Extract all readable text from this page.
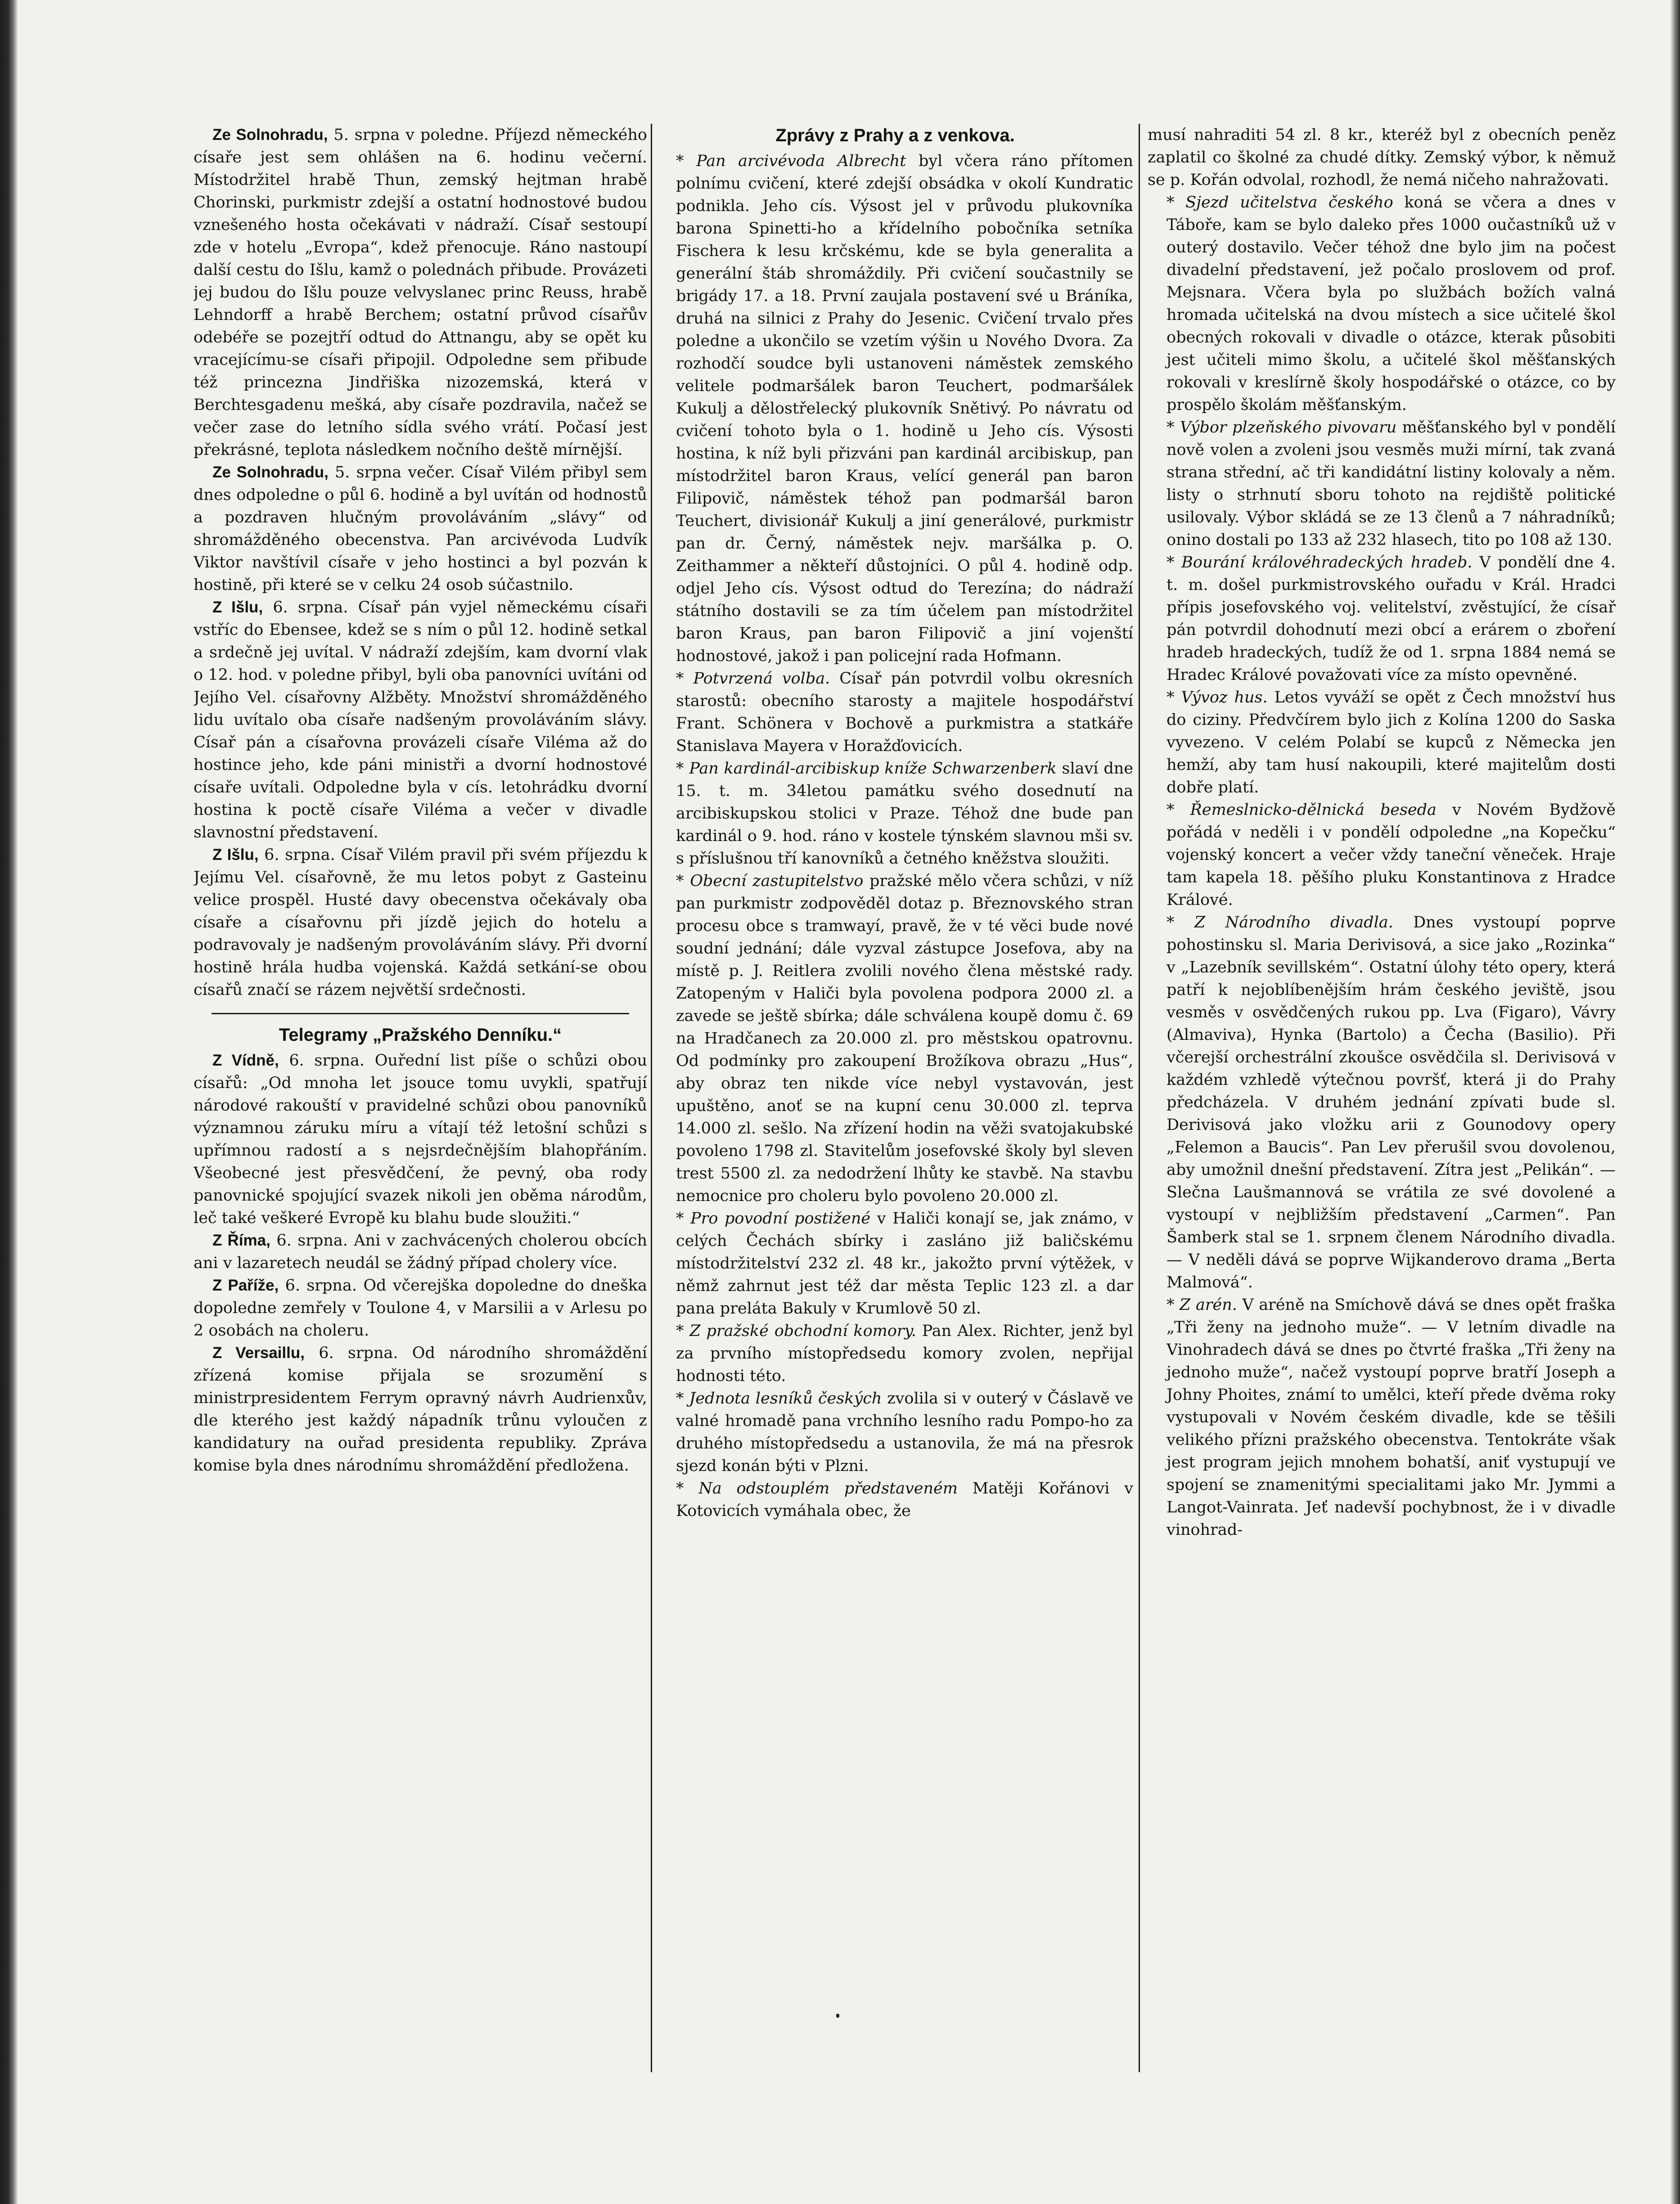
Ze Solnohradu, 5. srpna v poledne. Příjezd německého císaře jest sem ohlášen na 6. hodinu večerní. Místodržitel hrabě Thun, zemský hejtman hrabě Chorinski, purkmistr zdejší a ostatní hodnostové budou vznešeného hosta očekávati v nádraží. Císař sestoupí zde v hotelu „Evropa“, kdež přenocuje. Ráno nastoupí další cestu do Išlu, kamž o polednách přibude. Provázeti jej budou do Išlu pouze velvyslanec princ Reuss, hrabě Lehndorff a hrabě Berchem; ostatní průvod císařův odebéře se pozejtří odtud do Attnangu, aby se opět ku vracejícímu-se císaři připojil. Odpoledne sem přibude též princezna Jindřiška nizozemská, která v Berchtesgadenu mešká, aby císaře pozdravila, načež se večer zase do letního sídla svého vrátí. Počasí jest překrásné, teplota následkem nočního deště mírnější.

Ze Solnohradu, 5. srpna večer. Císař Vilém přibyl sem dnes odpoledne o půl 6. hodině a byl uvítán od hodnostů a pozdraven hlučným provoláváním „slávy“ od shromážděného obecenstva. Pan arcivévoda Ludvík Viktor navštívil císaře v jeho hostinci a byl pozván k hostině, při které se v celku 24 osob súčastnilo.

Z Išlu, 6. srpna. Císař pán vyjel německému císaři vstříc do Ebensee, kdež se s ním o půl 12. hodině setkal a srdečně jej uvítal. V nádraží zdejším, kam dvorní vlak o 12. hod. v poledne přibyl, byli oba panovníci uvítáni od Jejího Vel. císařovny Alžběty. Množství shromážděného lidu uvítalo oba císaře nadšeným provoláváním slávy. Císař pán a císařovna provázeli císaře Viléma až do hostince jeho, kde páni ministři a dvorní hodnostové císaře uvítali. Odpoledne byla v cís. letohrádku dvorní hostina k poctě císaře Viléma a večer v divadle slavnostní představení.

Z Išlu, 6. srpna. Císař Vilém pravil při svém příjezdu k Jejímu Vel. císařovně, že mu letos pobyt z Gasteinu velice prospěl. Husté davy obecenstva očekávaly oba císaře a císařovnu při jízdě jejich do hotelu a podravovaly je nadšeným provoláváním slávy. Při dvorní hostině hrála hudba vojenská. Každá setkání-se obou císařů značí se rázem největší srdečnosti.

Telegramy „Pražského Denníku.“

Z Vídně, 6. srpna. Ouřední list píše o schůzi obou císařů: „Od mnoha let jsouce tomu uvykli, spatřují národové rakouští v pravidelné schůzi obou panovníků významnou záruku míru a vítají též letošní schůzi s upřímnou radostí a s nejsrdečnějším blahopřáním. Všeobecné jest přesvědčení, že pevný, oba rody panovnické spojující svazek nikoli jen oběma národům, leč také veškeré Evropě ku blahu bude sloužiti.“

Z Říma, 6. srpna. Ani v zachvácených cholerou obcích ani v lazaretech neudál se žádný případ cholery více.

Z Paříže, 6. srpna. Od včerejška dopoledne do dneška dopoledne zemřely v Toulone 4, v Marsilii a v Arlesu po 2 osobách na choleru.

Z Versaillu, 6. srpna. Od národního shromáždění zřízená komise přijala se srozumění s ministrpresidentem Ferrym opravný návrh Audrienxův, dle kterého jest každý nápadník trůnu vyloučen z kandidatury na ouřad presidenta republiky. Zpráva komise byla dnes národnímu shromáždění předložena.

Zprávy z Prahy a z venkova.

* Pan arcivévoda Albrecht byl včera ráno přítomen polnímu cvičení, které zdejší obsádka v okolí Kundratic podnikla. Jeho cís. Výsost jel v průvodu plukovníka barona Spinetti-ho a křídelního pobočníka setníka Fischera k lesu krčskému, kde se byla generalita a generální štáb shromáždily. Při cvičení součastnily se brigády 17. a 18. První zaujala postavení své u Bráníka, druhá na silnici z Prahy do Jesenic. Cvičení trvalo přes poledne a ukončilo se vzetím výšin u Nového Dvora. Za rozhodčí soudce byli ustanoveni náměstek zemského velitele podmaršálek baron Teuchert, podmaršálek Kukulj a dělostřelecký plukovník Snětivý. Po návratu od cvičení tohoto byla o 1. hodině u Jeho cís. Výsosti hostina, k níž byli přizváni pan kardinál arcibiskup, pan místodržitel baron Kraus, velící generál pan baron Filipovič, náměstek téhož pan podmaršál baron Teuchert, divisionář Kukulj a jiní generálové, purkmistr pan dr. Černý, náměstek nejv. maršálka p. O. Zeithammer a někteří důstojníci. O půl 4. hodině odp. odjel Jeho cís. Výsost odtud do Terezína; do nádraží státního dostavili se za tím účelem pan místodržitel baron Kraus, pan baron Filipovič a jiní vojenští hodnostové, jakož i pan policejní rada Hofmann.

* Potvrzená volba. Císař pán potvrdil volbu okresních starostů: obecního starosty a majitele hospodářství Frant. Schönera v Bochově a purkmistra a statkáře Stanislava Mayera v Horažďovicích.

* Pan kardinál-arcibiskup kníže Schwarzenberk slaví dne 15. t. m. 34letou památku svého dosednutí na arcibiskupskou stolici v Praze. Téhož dne bude pan kardinál o 9. hod. ráno v kostele týnském slavnou mši sv. s příslušnou tří kanovníků a četného kněžstva sloužiti.

* Obecní zastupitelstvo pražské mělo včera schůzi, v níž pan purkmistr zodpověděl dotaz p. Březnovského stran procesu obce s tramwayí, pravě, že v té věci bude nové soudní jednání; dále vyzval zástupce Josefova, aby na místě p. J. Reitlera zvolili nového člena městské rady. Zatopeným v Haliči byla povolena podpora 2000 zl. a zavede se ještě sbírka; dále schválena koupě domu č. 69 na Hradčanech za 20.000 zl. pro městskou opatrovnu. Od podmínky pro zakoupení Brožíkova obrazu „Hus“, aby obraz ten nikde více nebyl vystavován, jest upuštěno, anoť se na kupní cenu 30.000 zl. teprva 14.000 zl. sešlo. Na zřízení hodin na věži svatojakubské povoleno 1798 zl. Stavitelům josefovské školy byl sleven trest 5500 zl. za nedodržení lhůty ke stavbě. Na stavbu nemocnice pro choleru bylo povoleno 20.000 zl.

* Pro povodní postižené v Haliči konají se, jak známo, v celých Čechách sbírky i zasláno již baličskému místodržitelství 232 zl. 48 kr., jakožto první výtěžek, v němž zahrnut jest též dar města Teplic 123 zl. a dar pana preláta Bakuly v Krumlově 50 zl.

* Z pražské obchodní komory. Pan Alex. Richter, jenž byl za prvního místopředsedu komory zvolen, nepřijal hodnosti této.

* Jednota lesníků českých zvolila si v outerý v Čáslavě ve valné hromadě pana vrchního lesního radu Pompo-ho za druhého místopředsedu a ustanovila, že má na přesrok sjezd konán býti v Plzni.

* Na odstouplém představeném Matěji Kořánovi v Kotovicích vymáhala obec, že

musí nahraditi 54 zl. 8 kr., kteréž byl z obecních peněz zaplatil co školné za chudé dítky. Zemský výbor, k němuž se p. Kořán odvolal, rozhodl, že nemá ničeho nahražovati.

* Sjezd učitelstva českého koná se včera a dnes v Táboře, kam se bylo daleko přes 1000 oučastníků už v outerý dostavilo. Večer téhož dne bylo jim na počest divadelní představení, jež počalo proslovem od prof. Mejsnara. Včera byla po službách božích valná hromada učitelská na dvou místech a sice učitelé škol obecných rokovali v divadle o otázce, kterak působiti jest učiteli mimo školu, a učitelé škol měšťanských rokovali v kreslírně školy hospodářské o otázce, co by prospělo školám měšťanským.

* Výbor plzeňského pivovaru měšťanského byl v pondělí nově volen a zvoleni jsou vesměs muži mírní, tak zvaná strana střední, ač tři kandidátní listiny kolovaly a něm. listy o strhnutí sboru tohoto na rejdiště politické usilovaly. Výbor skládá se ze 13 členů a 7 náhradníků; onino dostali po 133 až 232 hlasech, tito po 108 až 130.

* Bourání královéhradeckých hradeb. V pondělí dne 4. t. m. došel purkmistrovského ouřadu v Král. Hradci přípis josefovského voj. velitelství, zvěstující, že císař pán potvrdil dohodnutí mezi obcí a erárem o zboření hradeb hradeckých, tudíž že od 1. srpna 1884 nemá se Hradec Králové považovati více za místo opevněné.

* Vývoz hus. Letos vyváží se opět z Čech množství hus do ciziny. Předvčírem bylo jich z Kolína 1200 do Saska vyvezeno. V celém Polabí se kupců z Německa jen hemží, aby tam husí nakoupili, které majitelům dosti dobře platí.

* Řemeslnicko-dělnická beseda v Novém Bydžově pořádá v neděli i v pondělí odpoledne „na Kopečku“ vojenský koncert a večer vždy taneční věneček. Hraje tam kapela 18. pěšího pluku Konstantinova z Hradce Králové.

* Z Národního divadla. Dnes vystoupí poprve pohostinsku sl. Maria Derivisová, a sice jako „Rozinka“ v „Lazebník sevillském“. Ostatní úlohy této opery, která patří k nejoblíbenějším hrám českého jeviště, jsou vesměs v osvědčených rukou pp. Lva (Figaro), Vávry (Almaviva), Hynka (Bartolo) a Čecha (Basilio). Při včerejší orchestrální zkoušce osvědčila sl. Derivisová v každém vzhledě výtečnou površť, která ji do Prahy předcházela. V druhém jednání zpívati bude sl. Derivisová jako vložku arii z Gounodovy opery „Felemon a Baucis“. Pan Lev přerušil svou dovolenou, aby umožnil dnešní představení. Zítra jest „Pelikán“. — Slečna Laušmannová se vrátila ze své dovolené a vystoupí v nejbližším představení „Carmen“. Pan Šamberk stal se 1. srpnem členem Národního divadla. — V neděli dává se poprve Wijkanderovo drama „Berta Malmová“.

* Z arén. V aréně na Smíchově dává se dnes opět fraška „Tři ženy na jednoho muže“. — V letním divadle na Vinohradech dává se dnes po čtvrté fraška „Tři ženy na jednoho muže“, načež vystoupí poprve bratří Joseph a Johny Phoites, známí to umělci, kteří přede dvěma roky vystupovali v Novém českém divadle, kde se těšili velikého přízni pražského obecenstva. Tentokráte však jest program jejich mnohem bohatší, aniť vystupují ve spojení se znamenitými specialitami jako Mr. Jymmi a Langot-Vainrata. Jeť nadevší pochybnost, že i v divadle vinohrad-
